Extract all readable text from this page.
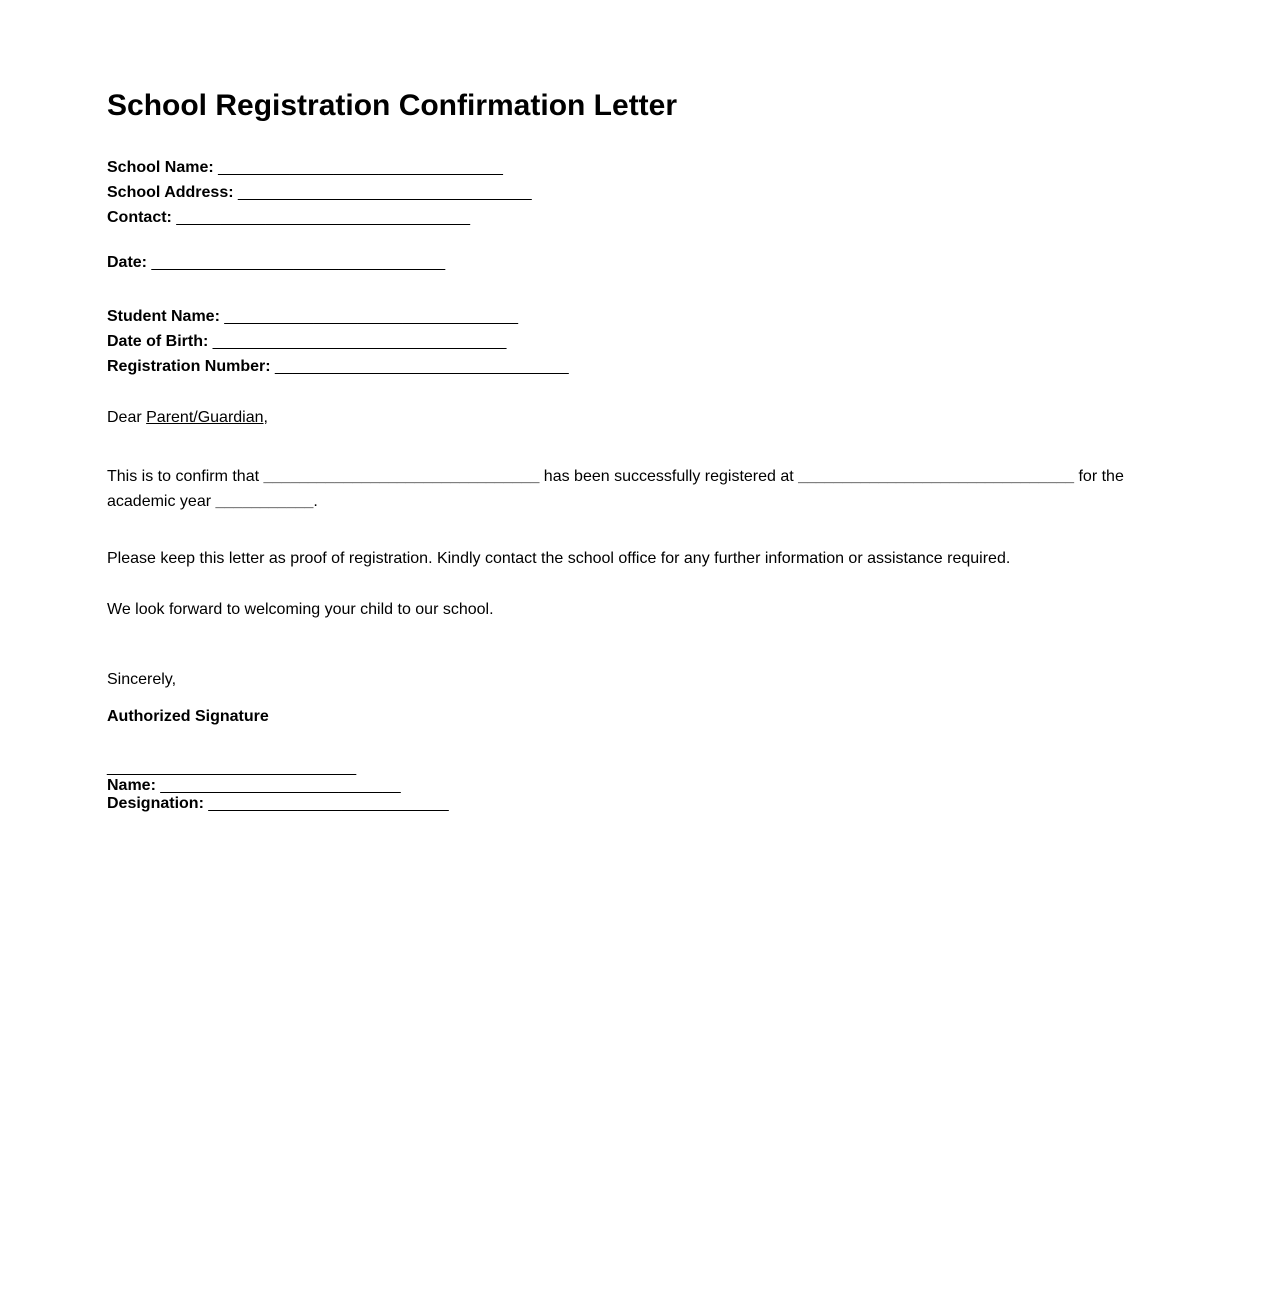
School Registration Confirmation Letter

School Name: ________________________________

School Address: _________________________________

Contact: _________________________________

Date: _________________________________

Student Name: _________________________________

Date of Birth: _________________________________

Registration Number: _________________________________

Dear Parent/Guardian,

This is to confirm that _______________________________ has been successfully registered at _______________________________ for the academic year ___________.

Please keep this letter as proof of registration. Kindly contact the school office for any further information or assistance required.

We look forward to welcoming your child to our school.

Sincerely,

Authorized Signature

____________________________
Name: ___________________________
Designation: ___________________________
